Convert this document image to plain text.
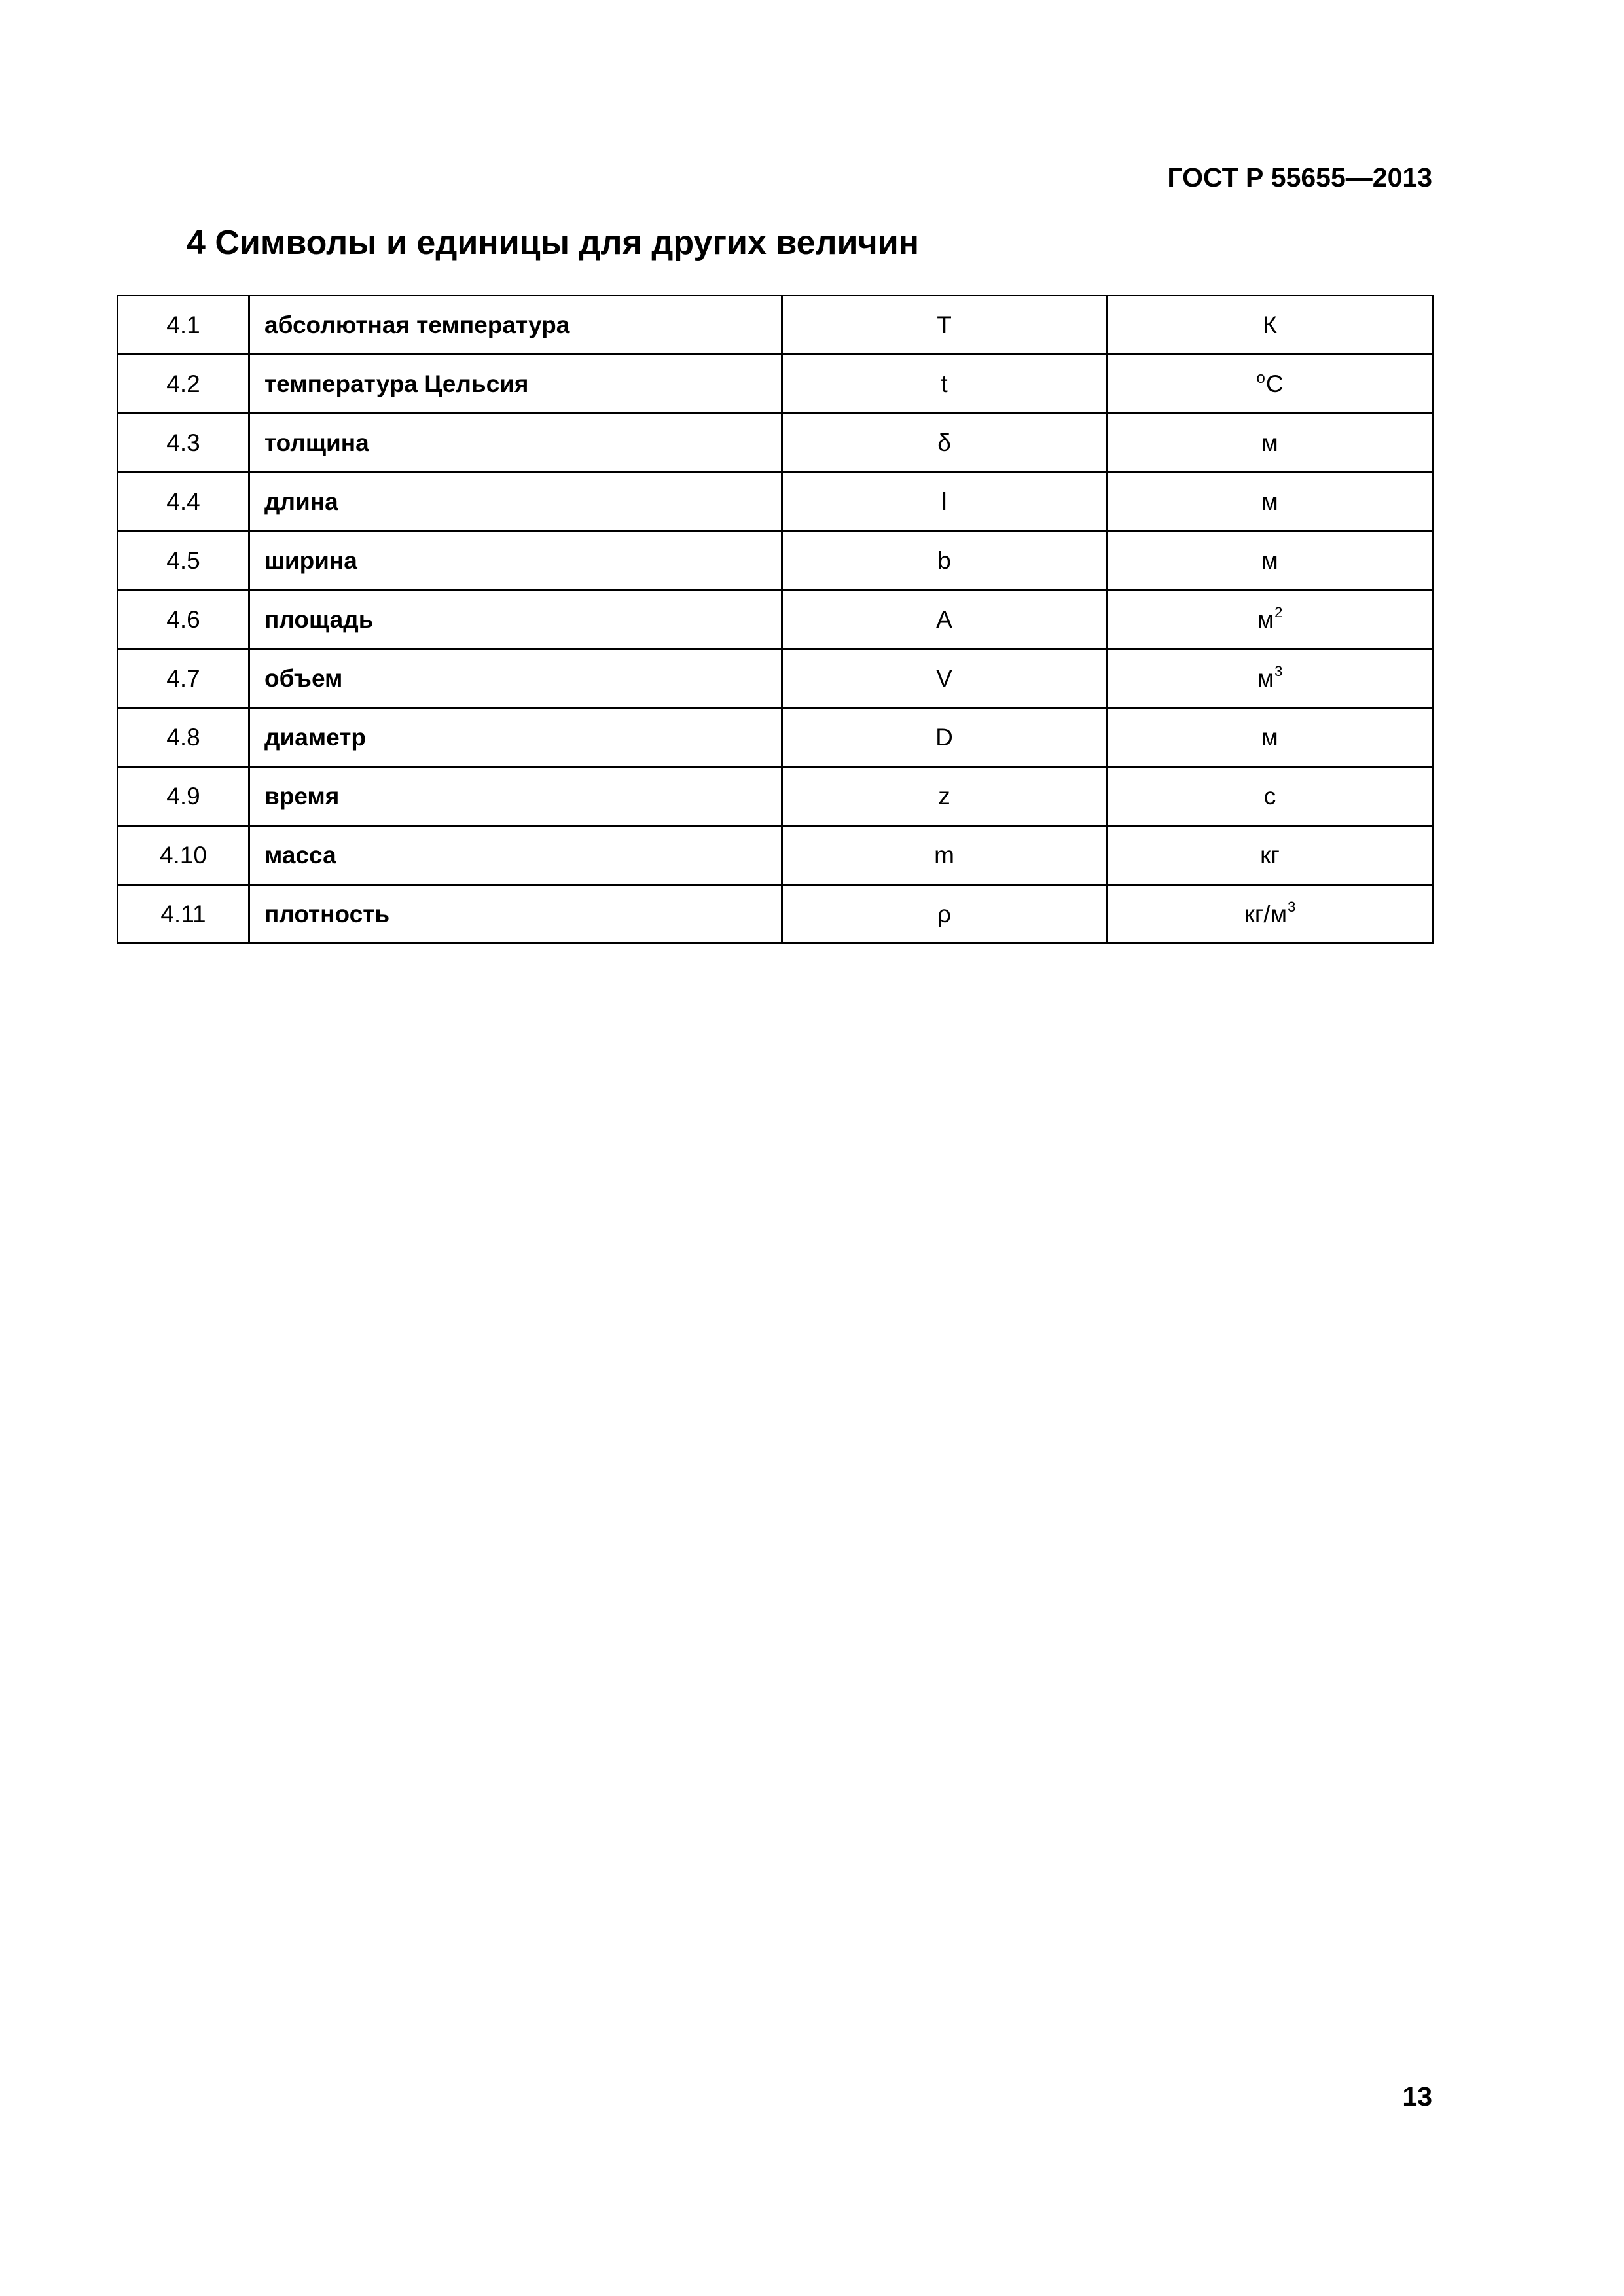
ГОСТ Р 55655—2013
4 Символы и единицы для других величин
4.1	абсолютная температура	T	К
4.2	температура Цельсия	t	$^o$C
4.3	толщина	δ	м
4.4	длина	l	м
4.5	ширина	b	м
4.6	площадь	A	$м^2$
4.7	объем	V	$м^3$
4.8	диаметр	D	м
4.9	время	z	с
4.10	масса	m	кг
4.11	плотность	ρ	$кг/м^3$
13
